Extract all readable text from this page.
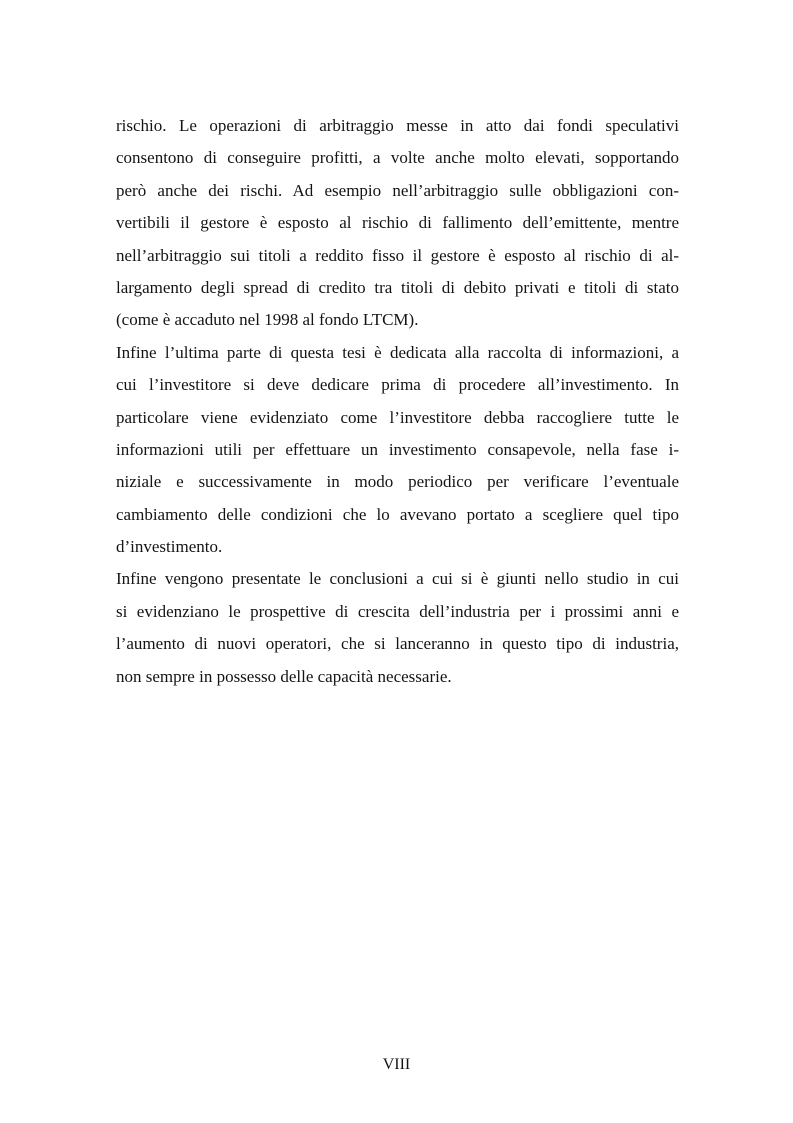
rischio. Le operazioni di arbitraggio messe in atto dai fondi speculativi
consentono di conseguire profitti, a volte anche molto elevati, sopportando
però anche dei rischi. Ad esempio nell’arbitraggio sulle obbligazioni con-
vertibili il gestore è esposto al rischio di fallimento dell’emittente, mentre
nell’arbitraggio sui titoli a reddito fisso il gestore è esposto al rischio di al-
largamento degli spread di credito tra titoli di debito privati e titoli di stato
(come è accaduto nel 1998 al fondo LTCM).
Infine l’ultima parte di questa tesi è dedicata alla raccolta di informazioni, a
cui l’investitore si deve dedicare prima di procedere all’investimento. In
particolare viene evidenziato come l’investitore debba raccogliere tutte le
informazioni utili per effettuare un investimento consapevole, nella fase i-
niziale e successivamente in modo periodico per verificare l’eventuale
cambiamento delle condizioni che lo avevano portato a scegliere quel tipo
d’investimento.
Infine vengono presentate le conclusioni a cui si è giunti nello studio in cui
si evidenziano le prospettive di crescita dell’industria per i prossimi anni e
l’aumento di nuovi operatori, che si lanceranno in questo tipo di industria,
non sempre in possesso delle capacità necessarie.
VIII
